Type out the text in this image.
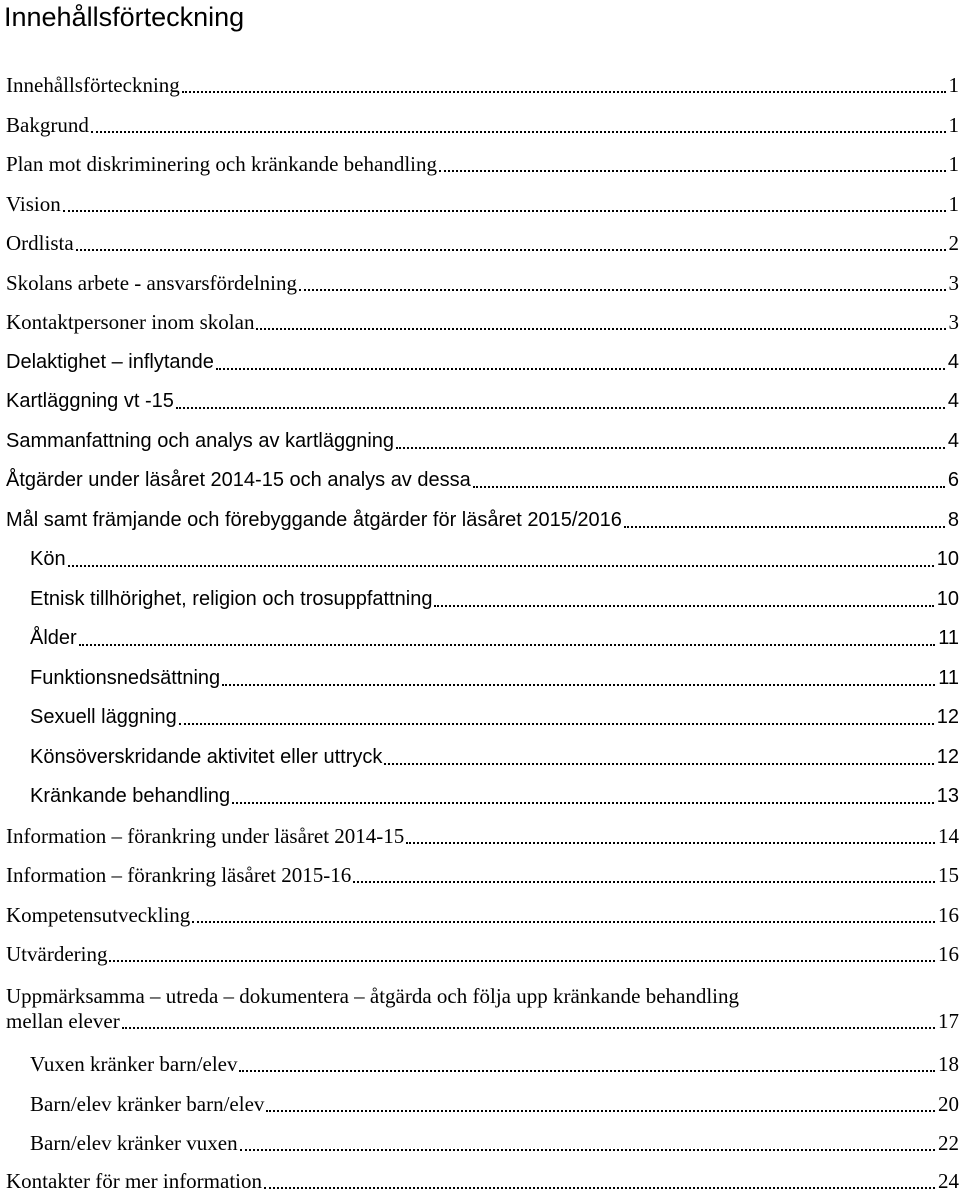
Innehållsförteckning
Innehållsförteckning	1
Bakgrund	1
Plan mot diskriminering och kränkande behandling	1
Vision	1
Ordlista	2
Skolans arbete - ansvarsfördelning	3
Kontaktpersoner inom skolan	3
Delaktighet – inflytande	4
Kartläggning vt -15	4
Sammanfattning och analys av kartläggning	4
Åtgärder under läsåret 2014-15 och analys av dessa	6
Mål samt främjande och förebyggande åtgärder för läsåret 2015/2016	8
Kön	10
Etnisk tillhörighet, religion och trosuppfattning	10
Ålder	11
Funktionsnedsättning	11
Sexuell läggning	12
Könsöverskridande aktivitet eller uttryck	12
Kränkande behandling	13
Information – förankring under läsåret 2014-15	14
Information – förankring läsåret 2015-16	15
Kompetensutveckling	16
Utvärdering	16
Uppmärksamma – utreda – dokumentera – åtgärda och följa upp kränkande behandling
mellan elever	17
Vuxen kränker barn/elev	18
Barn/elev kränker barn/elev	20
Barn/elev kränker vuxen	22
Kontakter för mer information	24
